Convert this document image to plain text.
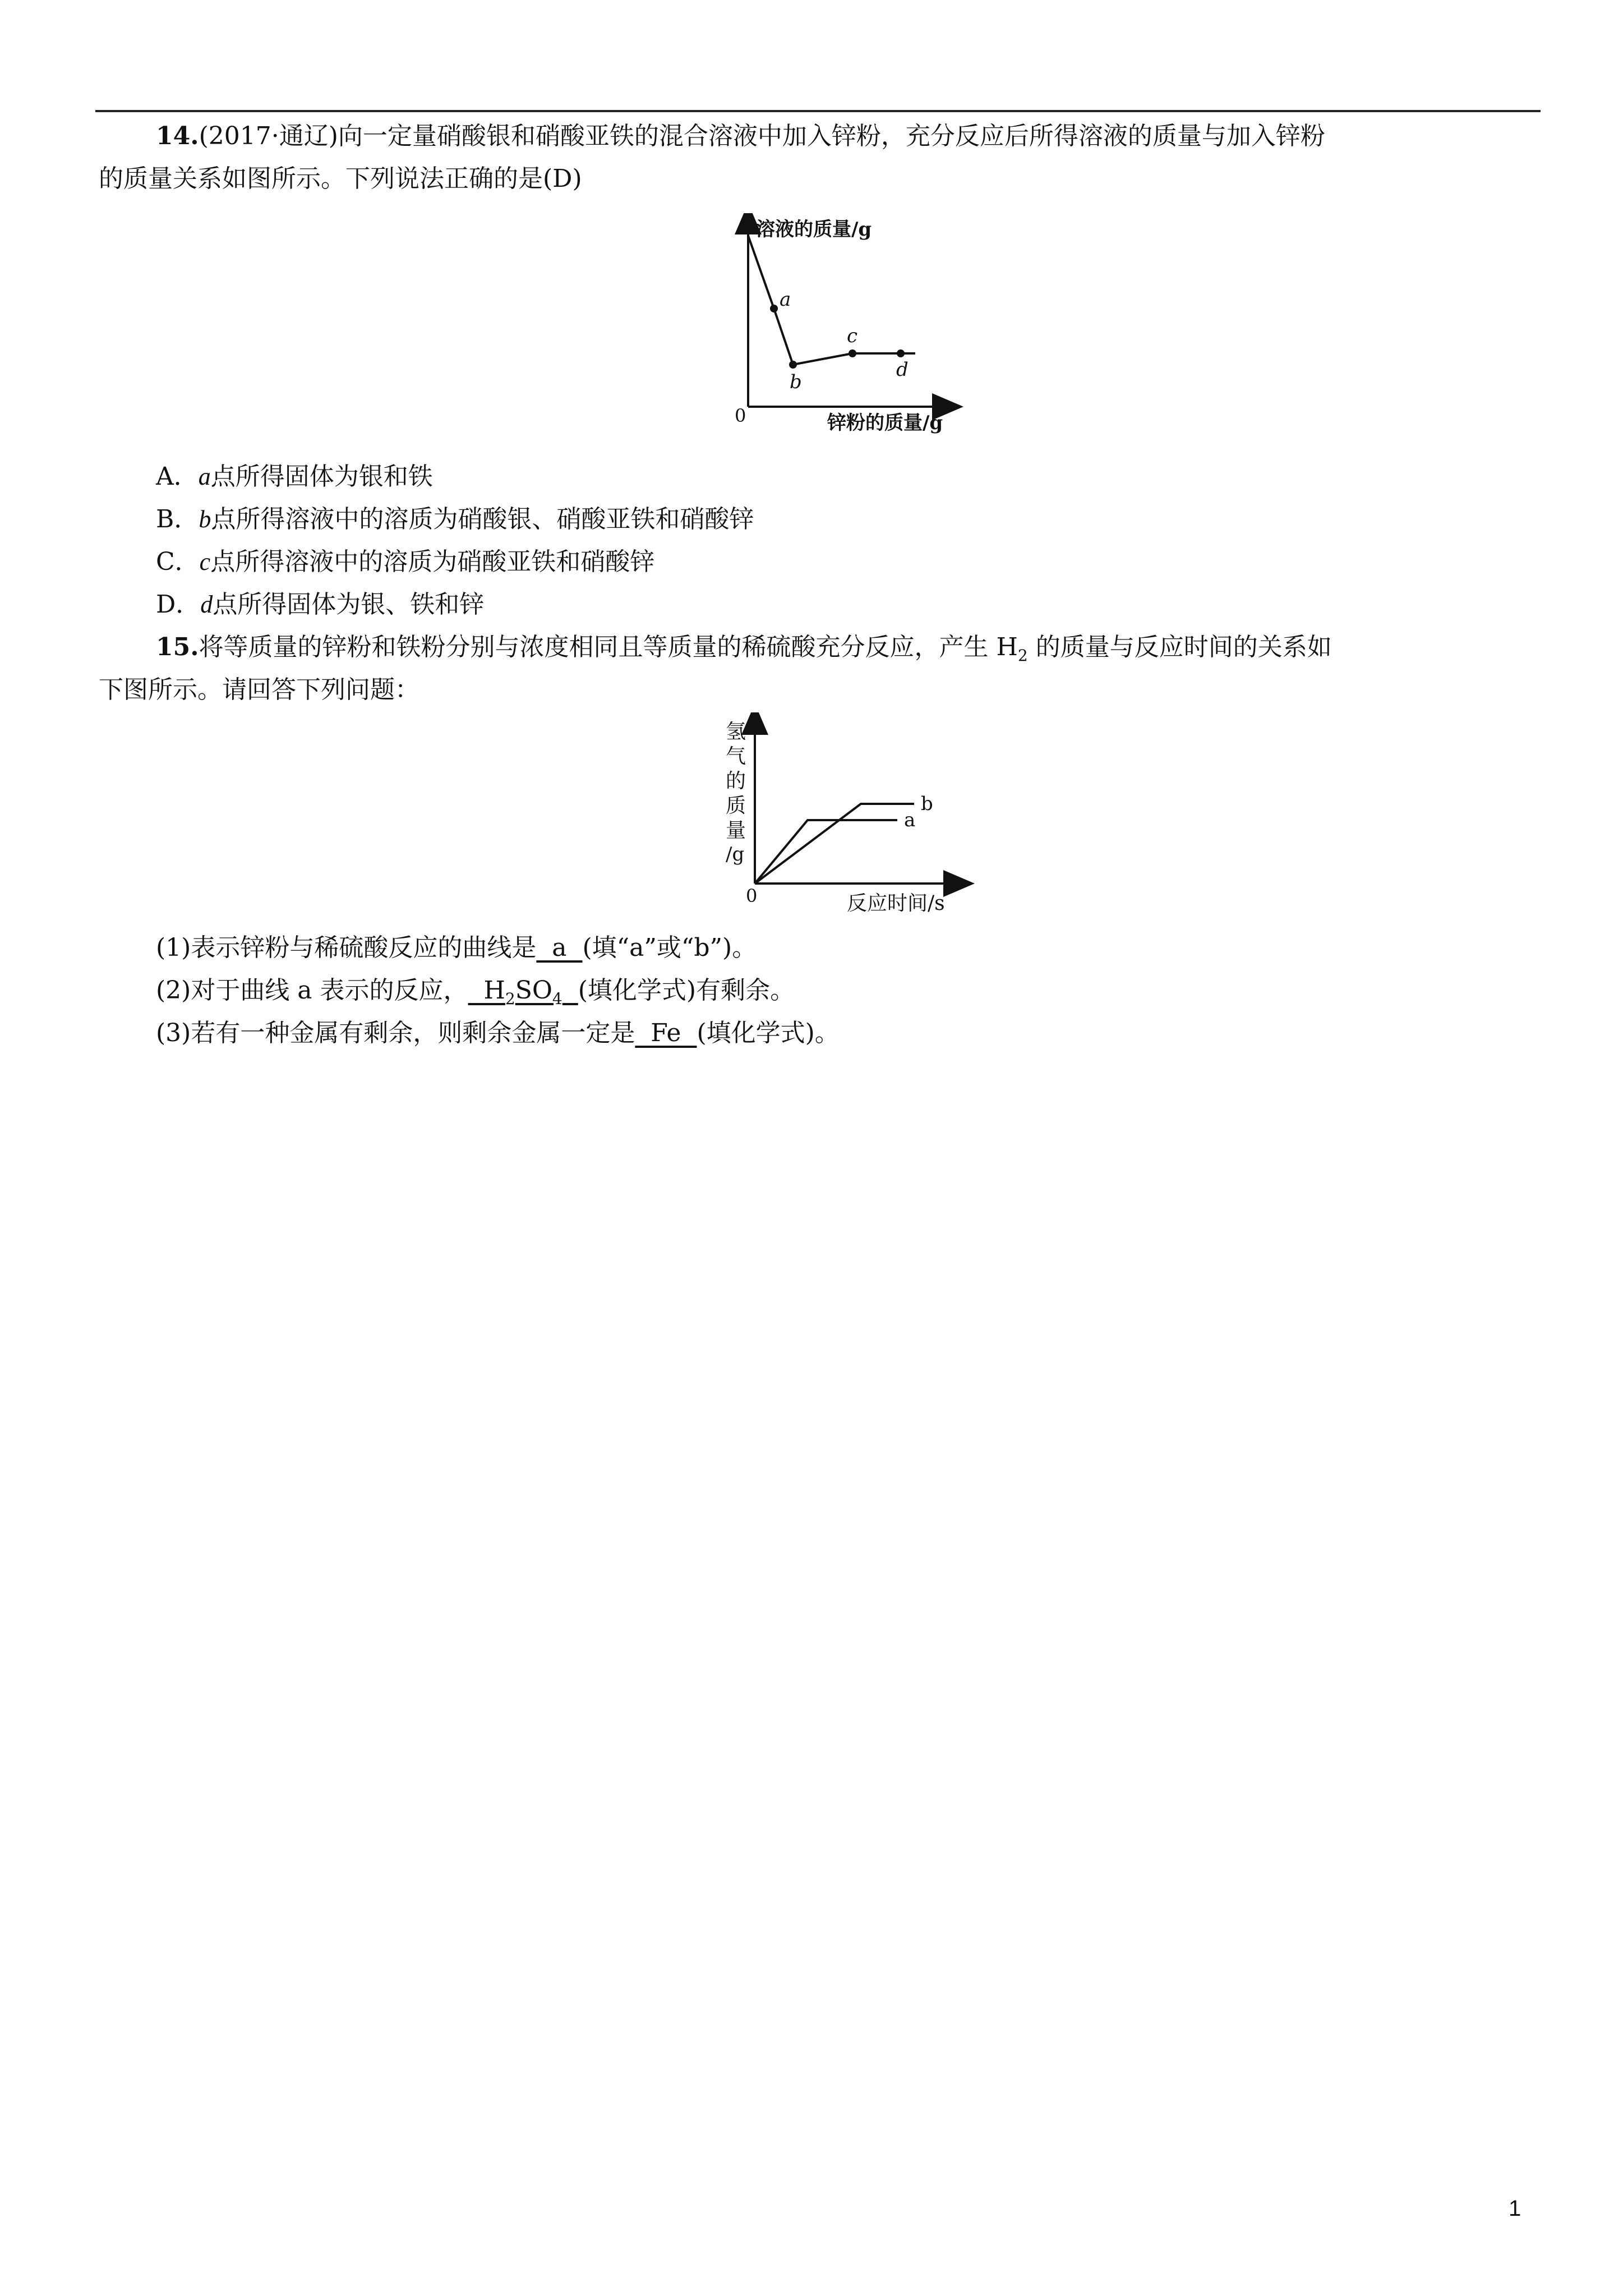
14.(2017·通辽)向一定量硝酸银和硝酸亚铁的混合溶液中加入锌粉，充分反应后所得溶液的质量与加入锌粉
的质量关系如图所示。下列说法正确的是(D)
溶液的质量/g
0	锌粉的质量/g
a
b
c
d
A．a点所得固体为银和铁
B．b点所得溶液中的溶质为硝酸银、硝酸亚铁和硝酸锌
C．c点所得溶液中的溶质为硝酸亚铁和硝酸锌
D．d点所得固体为银、铁和锌
15.将等质量的锌粉和铁粉分别与浓度相同且等质量的稀硫酸充分反应，产生 $H_2$ 的质量与反应时间的关系如
下图所示。请回答下列问题：
氢
气
的
质
量
/g
0	反应时间/s
b
a
(1)表示锌粉与稀硫酸反应的曲线是  a  (填“a”或“b”)。
(2)对于曲线 a 表示的反应，  $H_2SO_4$ (填化学式)有剩余。
(3)若有一种金属有剩余，则剩余金属一定是  Fe  (填化学式)。
1
